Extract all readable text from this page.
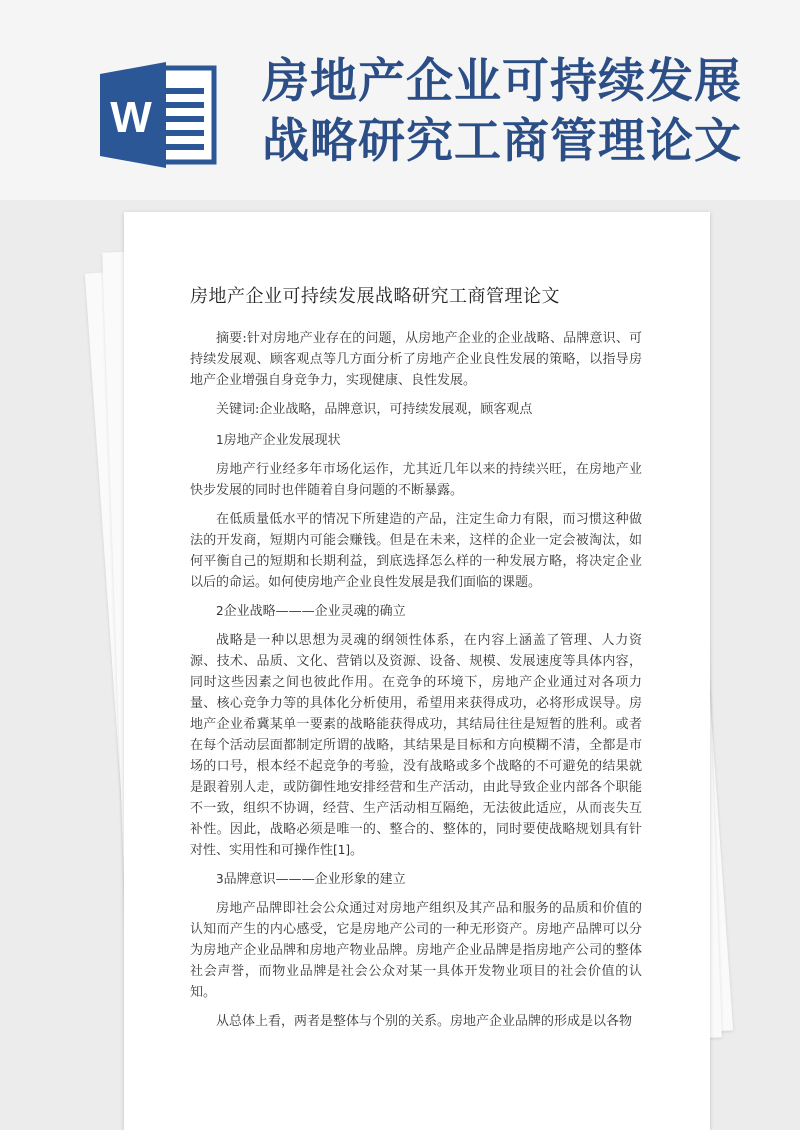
W
房地产企业可持续发展
战略研究工商管理论文
房地产企业可持续发展战略研究工商管理论文

摘要:针对房地产业存在的问题，从房地产企业的企业战略、品牌意识、可持续发展观、顾客观点等几方面分析了房地产企业良性发展的策略，以指导房地产企业增强自身竞争力，实现健康、良性发展。

关键词:企业战略，品牌意识，可持续发展观，顾客观点

1房地产企业发展现状

房地产行业经多年市场化运作，尤其近几年以来的持续兴旺，在房地产业快步发展的同时也伴随着自身问题的不断暴露。

在低质量低水平的情况下所建造的产品，注定生命力有限，而习惯这种做法的开发商，短期内可能会赚钱。但是在未来，这样的企业一定会被淘汰，如何平衡自己的短期和长期利益，到底选择怎么样的一种发展方略，将决定企业以后的命运。如何使房地产企业良性发展是我们面临的课题。

2企业战略———企业灵魂的确立

战略是一种以思想为灵魂的纲领性体系，在内容上涵盖了管理、人力资源、技术、品质、文化、营销以及资源、设备、规模、发展速度等具体内容，同时这些因素之间也彼此作用。在竞争的环境下，房地产企业通过对各项力量、核心竞争力等的具体化分析使用，希望用来获得成功，必将形成误导。房地产企业希冀某单一要素的战略能获得成功，其结局往往是短暂的胜利。或者在每个活动层面都制定所谓的战略，其结果是目标和方向模糊不清，全都是市场的口号，根本经不起竞争的考验，没有战略或多个战略的不可避免的结果就是跟着别人走，或防御性地安排经营和生产活动，由此导致企业内部各个职能不一致，组织不协调，经营、生产活动相互隔绝，无法彼此适应，从而丧失互补性。因此，战略必须是唯一的、整合的、整体的，同时要使战略规划具有针对性、实用性和可操作性[1]。

3品牌意识———企业形象的建立

房地产品牌即社会公众通过对房地产组织及其产品和服务的品质和价值的认知而产生的内心感受，它是房地产公司的一种无形资产。房地产品牌可以分为房地产企业品牌和房地产物业品牌。房地产企业品牌是指房地产公司的整体社会声誉，而物业品牌是社会公众对某一具体开发物业项目的社会价值的认知。

从总体上看，两者是整体与个别的关系。房地产企业品牌的形成是以各物
